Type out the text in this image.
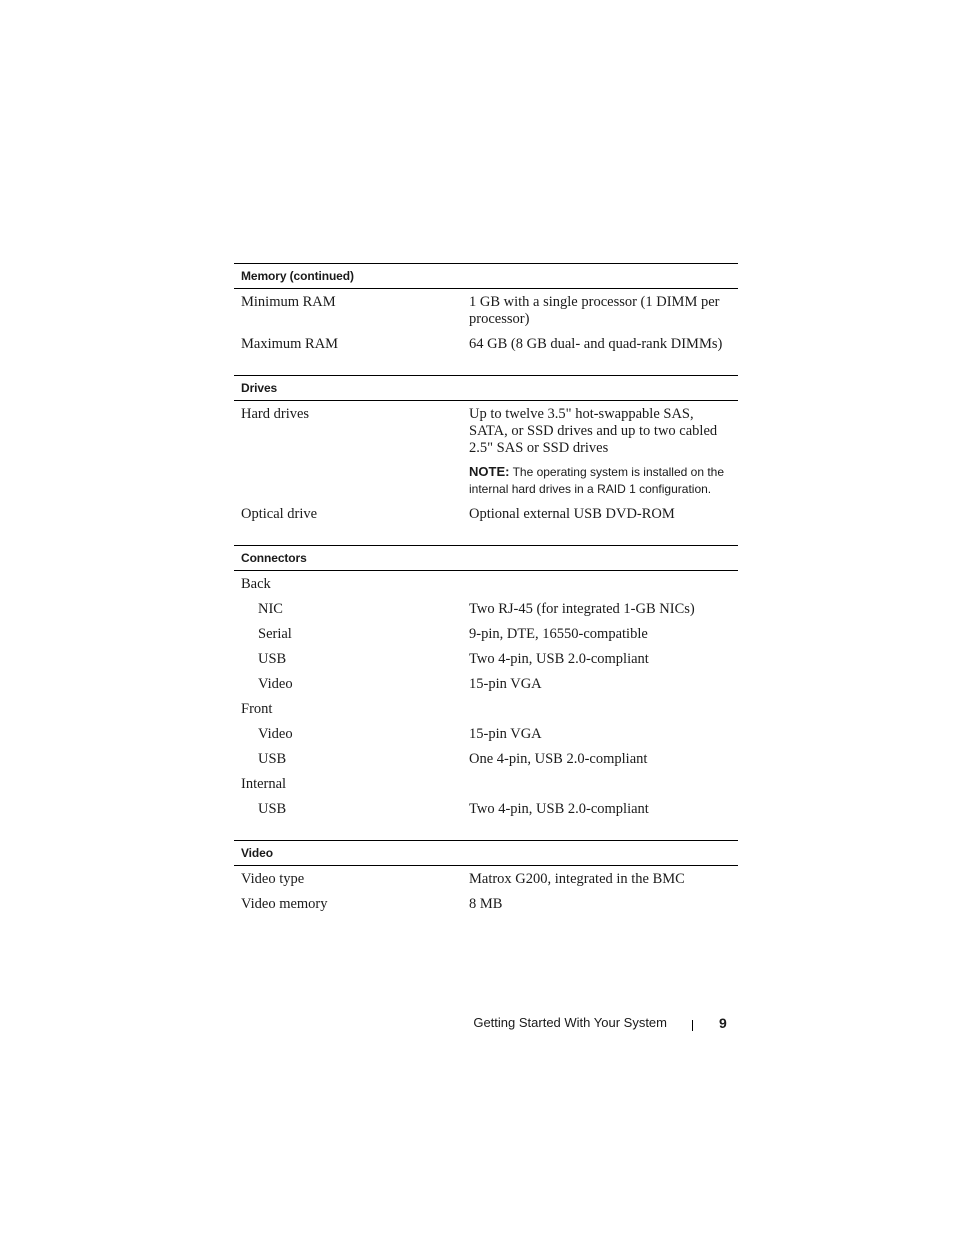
Memory (continued)
Minimum RAM	1 GB with a single processor (1 DIMM per processor)
Maximum RAM	64 GB (8 GB dual- and quad-rank DIMMs)
Drives
Hard drives	Up to twelve 3.5" hot-swappable SAS, SATA, or SSD drives and up to two cabled 2.5" SAS or SSD drives
NOTE: The operating system is installed on the internal hard drives in a RAID 1 configuration.
Optical drive	Optional external USB DVD-ROM
Connectors
Back
NIC	Two RJ-45 (for integrated 1-GB NICs)
Serial	9-pin, DTE, 16550-compatible
USB	Two 4-pin, USB 2.0-compliant
Video	15-pin VGA
Front
Video	15-pin VGA
USB	One 4-pin, USB 2.0-compliant
Internal
USB	Two 4-pin, USB 2.0-compliant
Video
Video type	Matrox G200, integrated in the BMC
Video memory	8 MB
Getting Started With Your System	9
